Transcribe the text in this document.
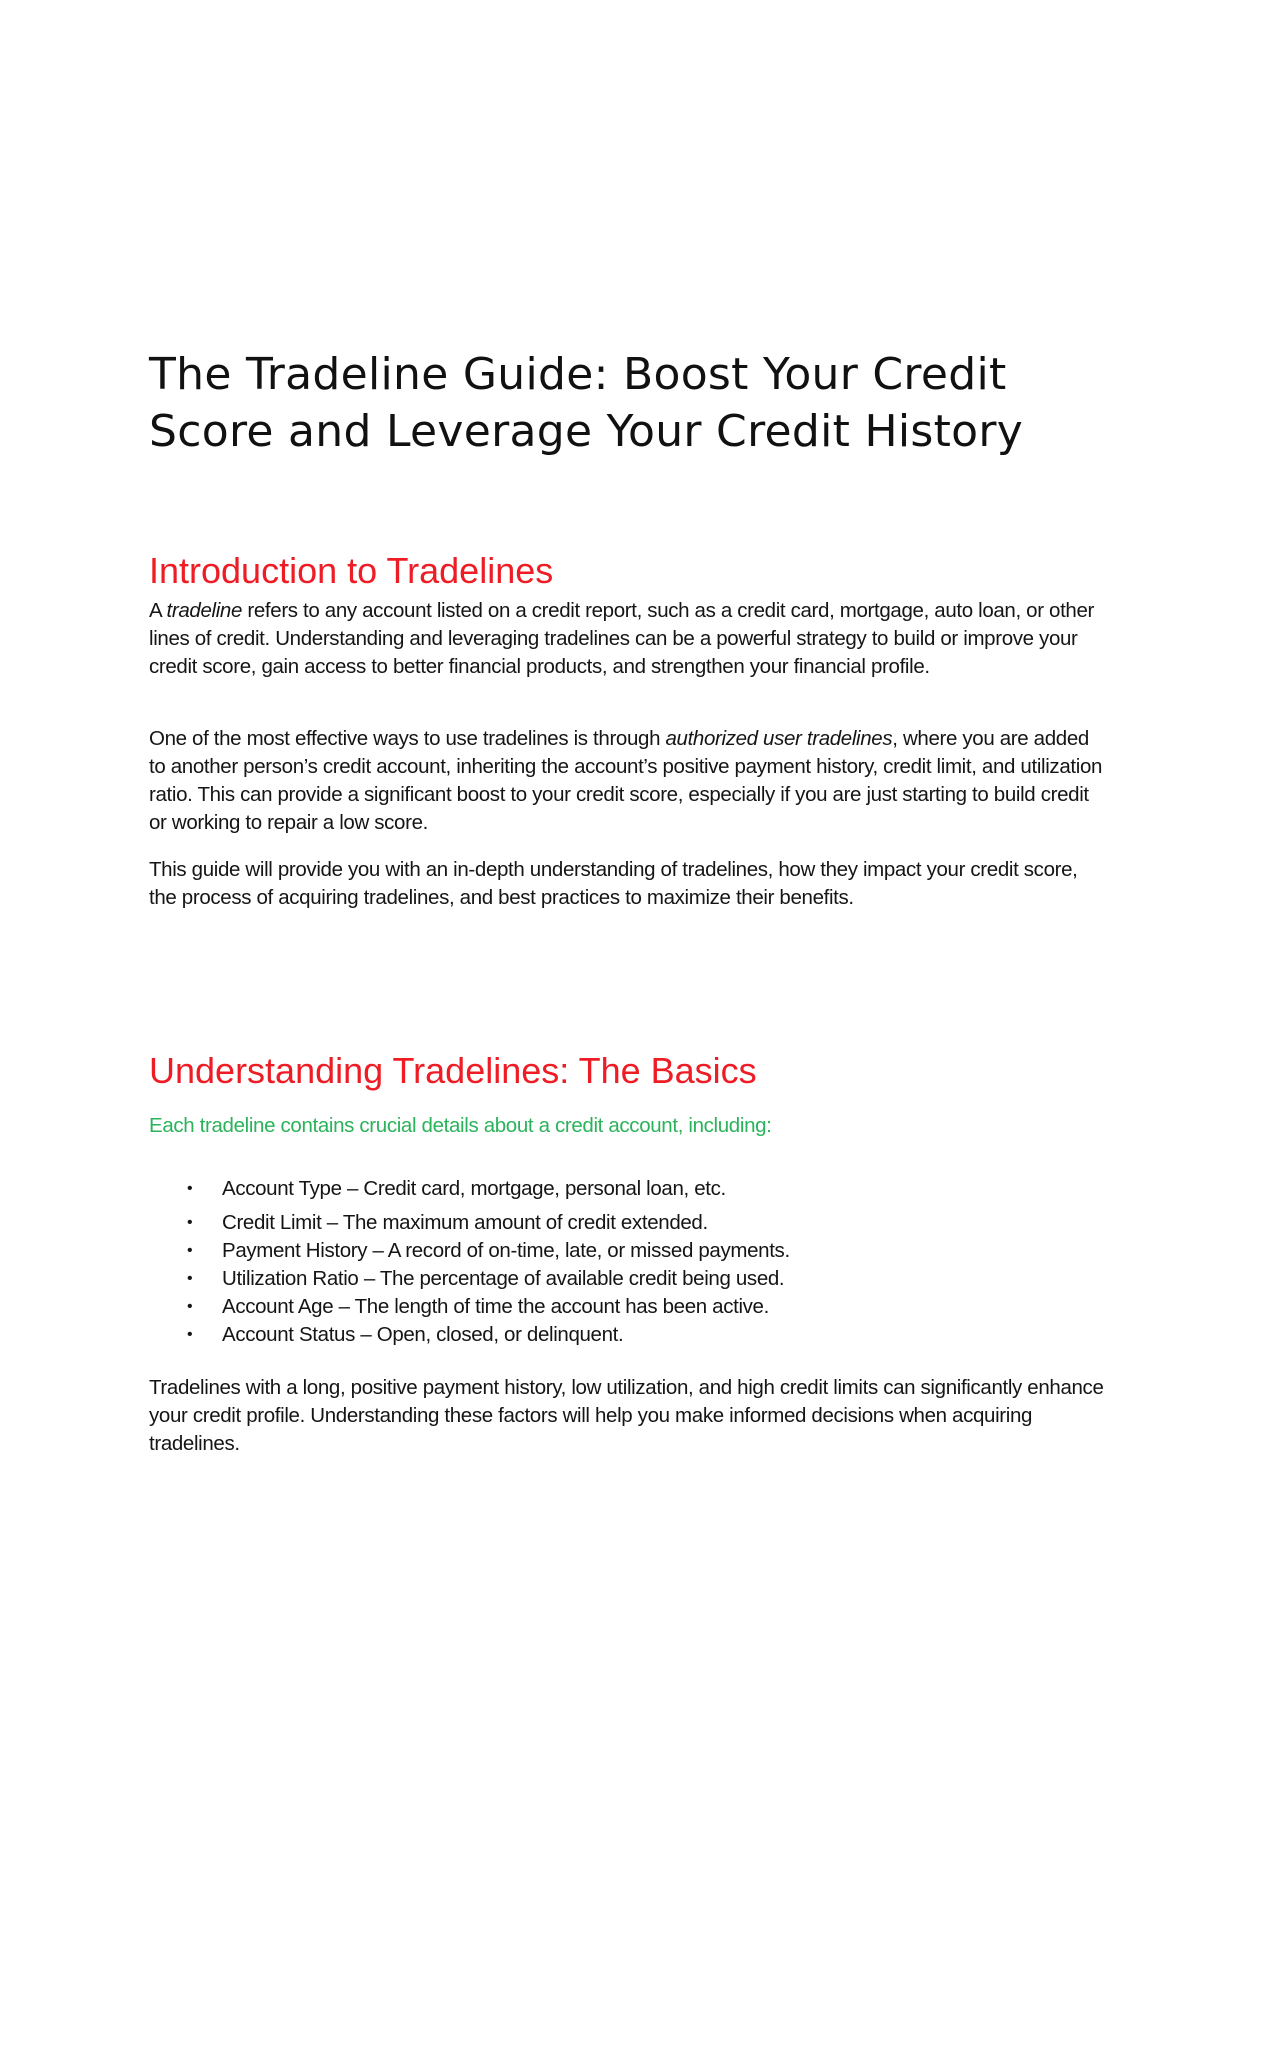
The Tradeline Guide: Boost Your Credit Score and Leverage Your Credit History
Introduction to Tradelines

A tradeline refers to any account listed on a credit report, such as a credit card, mortgage, auto loan, or other lines of credit. Understanding and leveraging tradelines can be a powerful strategy to build or improve your credit score, gain access to better financial products, and strengthen your financial profile.

One of the most effective ways to use tradelines is through authorized user tradelines, where you are added to another person’s credit account, inheriting the account’s positive payment history, credit limit, and utilization ratio. This can provide a significant boost to your credit score, especially if you are just starting to build credit or working to repair a low score.

This guide will provide you with an in-depth understanding of tradelines, how they impact your credit score, the process of acquiring tradelines, and best practices to maximize their benefits.

Understanding Tradelines: The Basics

Each tradeline contains crucial details about a credit account, including:

• Account Type – Credit card, mortgage, personal loan, etc.
• Credit Limit – The maximum amount of credit extended.
• Payment History – A record of on-time, late, or missed payments.
• Utilization Ratio – The percentage of available credit being used.
• Account Age – The length of time the account has been active.
• Account Status – Open, closed, or delinquent.

Tradelines with a long, positive payment history, low utilization, and high credit limits can significantly enhance your credit profile. Understanding these factors will help you make informed decisions when acquiring tradelines.
